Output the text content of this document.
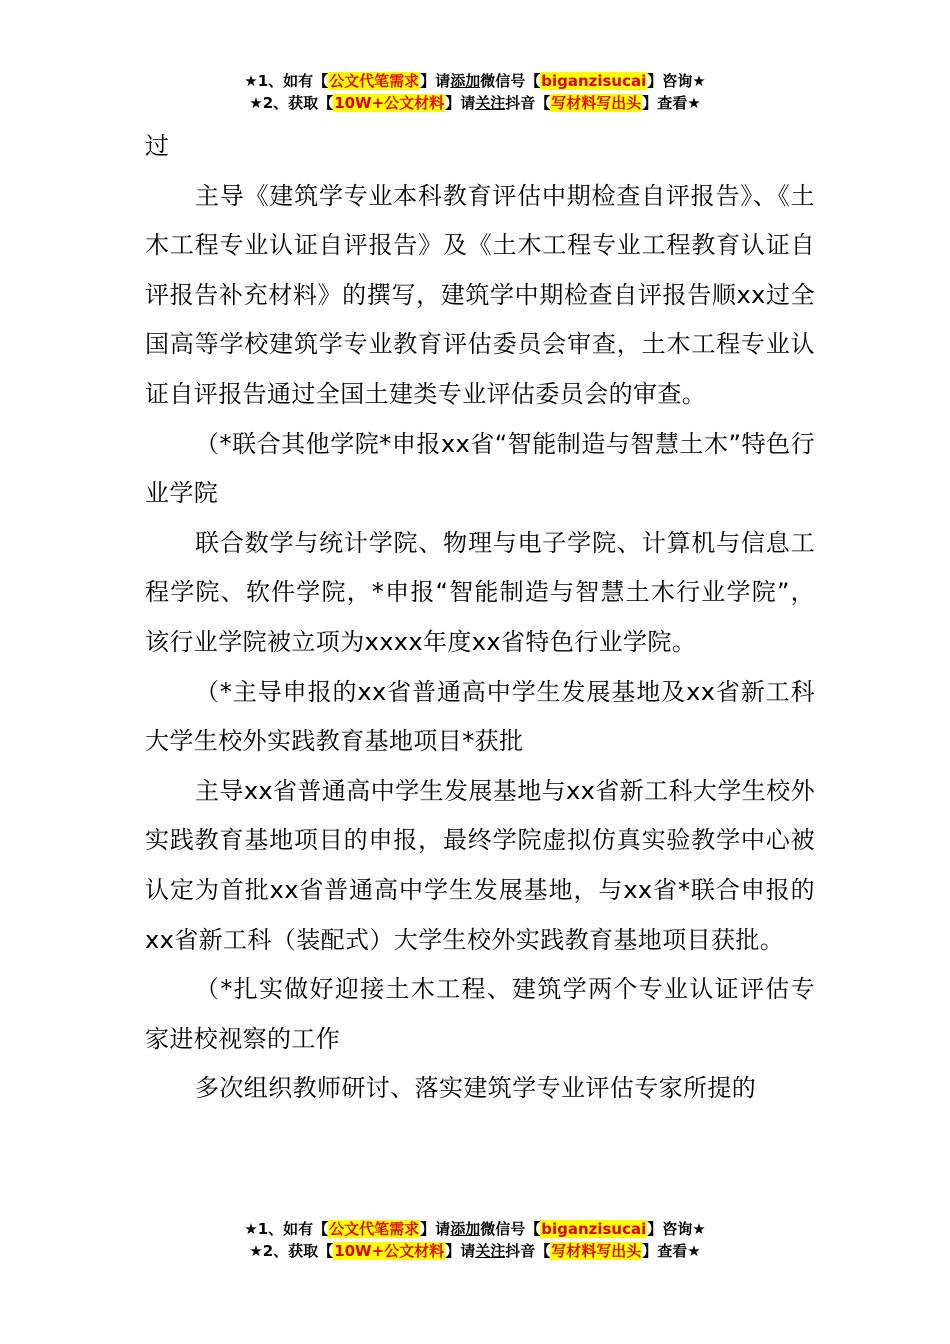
★1、如有【公文代笔需求】请添加微信号【biganzisucai】咨询★
★2、获取【10W+公文材料】请关注抖音【写材料写出头】查看★

过

主导《建筑学专业本科教育评估中期检查自评报告》、《土木工程专业认证自评报告》及《土木工程专业工程教育认证自评报告补充材料》的撰写，建筑学中期检查自评报告顺xx过全国高等学校建筑学专业教育评估委员会审查，土木工程专业认证自评报告通过全国土建类专业评估委员会的审查。

（*联合其他学院*申报xx省“智能制造与智慧土木”特色行业学院

联合数学与统计学院、物理与电子学院、计算机与信息工程学院、软件学院，*申报“智能制造与智慧土木行业学院”，该行业学院被立项为xxxx年度xx省特色行业学院。

（*主导申报的xx省普通高中学生发展基地及xx省新工科大学生校外实践教育基地项目*获批

主导xx省普通高中学生发展基地与xx省新工科大学生校外实践教育基地项目的申报，最终学院虚拟仿真实验教学中心被认定为首批xx省普通高中学生发展基地，与xx省*联合申报的xx省新工科（装配式）大学生校外实践教育基地项目获批。

（*扎实做好迎接土木工程、建筑学两个专业认证评估专家进校视察的工作

多次组织教师研讨、落实建筑学专业评估专家所提的

★1、如有【公文代笔需求】请添加微信号【biganzisucai】咨询★
★2、获取【10W+公文材料】请关注抖音【写材料写出头】查看★
